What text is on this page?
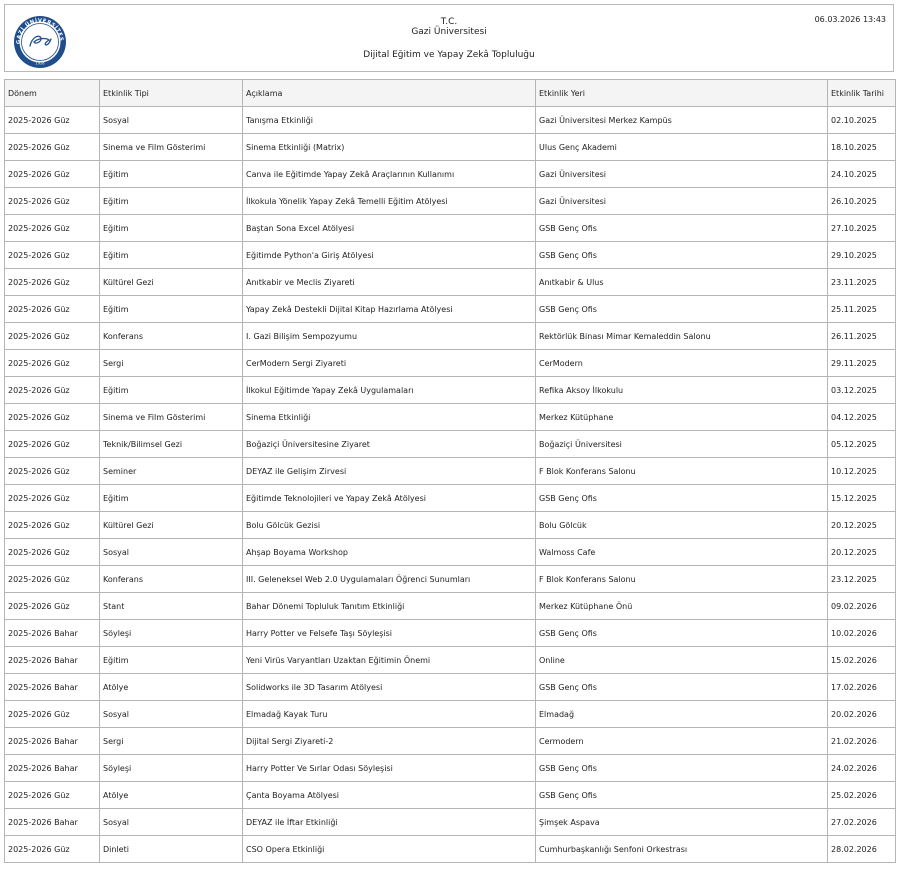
GAZİ ÜNİVERSİTES
1926
T.C.
Gazi Üniversitesi
Dijital Eğitim ve Yapay Zekâ Topluluğu
06.03.2026 13:43
Dönem	Etkinlik Tipi	Açıklama	Etkinlik Yeri	Etkinlik Tarihi
2025-2026 Güz	Sosyal	Tanışma Etkinliği	Gazi Üniversitesi Merkez Kampüs	02.10.2025
2025-2026 Güz	Sinema ve Film Gösterimi	Sinema Etkinliği (Matrix)	Ulus Genç Akademi	18.10.2025
2025-2026 Güz	Eğitim	Canva ile Eğitimde Yapay Zekâ Araçlarının Kullanımı	Gazi Üniversitesi	24.10.2025
2025-2026 Güz	Eğitim	İlkokula Yönelik Yapay Zekâ Temelli Eğitim Atölyesi	Gazi Üniversitesi	26.10.2025
2025-2026 Güz	Eğitim	Baştan Sona Excel Atölyesi	GSB Genç Ofis	27.10.2025
2025-2026 Güz	Eğitim	Eğitimde Python'a Giriş Atölyesi	GSB Genç Ofis	29.10.2025
2025-2026 Güz	Kültürel Gezi	Anıtkabir ve Meclis Ziyareti	Anıtkabir & Ulus	23.11.2025
2025-2026 Güz	Eğitim	Yapay Zekâ Destekli Dijital Kitap Hazırlama Atölyesi	GSB Genç Ofis	25.11.2025
2025-2026 Güz	Konferans	I. Gazi Bilişim Sempozyumu	Rektörlük Binası Mimar Kemaleddin Salonu	26.11.2025
2025-2026 Güz	Sergi	CerModern Sergi Ziyareti	CerModern	29.11.2025
2025-2026 Güz	Eğitim	İlkokul Eğitimde Yapay Zekâ Uygulamaları	Refika Aksoy İlkokulu	03.12.2025
2025-2026 Güz	Sinema ve Film Gösterimi	Sinema Etkinliği	Merkez Kütüphane	04.12.2025
2025-2026 Güz	Teknik/Bilimsel Gezi	Boğaziçi Üniversitesine Ziyaret	Boğaziçi Üniversitesi	05.12.2025
2025-2026 Güz	Seminer	DEYAZ ile Gelişim Zirvesi	F Blok Konferans Salonu	10.12.2025
2025-2026 Güz	Eğitim	Eğitimde Teknolojileri ve Yapay Zekâ Atölyesi	GSB Genç Ofis	15.12.2025
2025-2026 Güz	Kültürel Gezi	Bolu Gölcük Gezisi	Bolu Gölcük	20.12.2025
2025-2026 Güz	Sosyal	Ahşap Boyama Workshop	Walmoss Cafe	20.12.2025
2025-2026 Güz	Konferans	III. Geleneksel Web 2.0 Uygulamaları Öğrenci Sunumları	F Blok Konferans Salonu	23.12.2025
2025-2026 Güz	Stant	Bahar Dönemi Topluluk Tanıtım Etkinliği	Merkez Kütüphane Önü	09.02.2026
2025-2026 Bahar	Söyleşi	Harry Potter ve Felsefe Taşı Söyleşisi	GSB Genç Ofis	10.02.2026
2025-2026 Bahar	Eğitim	Yeni Virüs Varyantları Uzaktan Eğitimin Önemi	Online	15.02.2026
2025-2026 Bahar	Atölye	Solidworks ile 3D Tasarım Atölyesi	GSB Genç Ofis	17.02.2026
2025-2026 Güz	Sosyal	Elmadağ Kayak Turu	Elmadağ	20.02.2026
2025-2026 Bahar	Sergi	Dijital Sergi Ziyareti-2	Cermodern	21.02.2026
2025-2026 Bahar	Söyleşi	Harry Potter Ve Sırlar Odası Söyleşisi	GSB Genç Ofis	24.02.2026
2025-2026 Güz	Atölye	Çanta Boyama Atölyesi	GSB Genç Ofis	25.02.2026
2025-2026 Bahar	Sosyal	DEYAZ ile İftar Etkinliği	Şimşek Aspava	27.02.2026
2025-2026 Güz	Dinleti	CSO Opera Etkinliği	Cumhurbaşkanlığı Senfoni Orkestrası	28.02.2026
